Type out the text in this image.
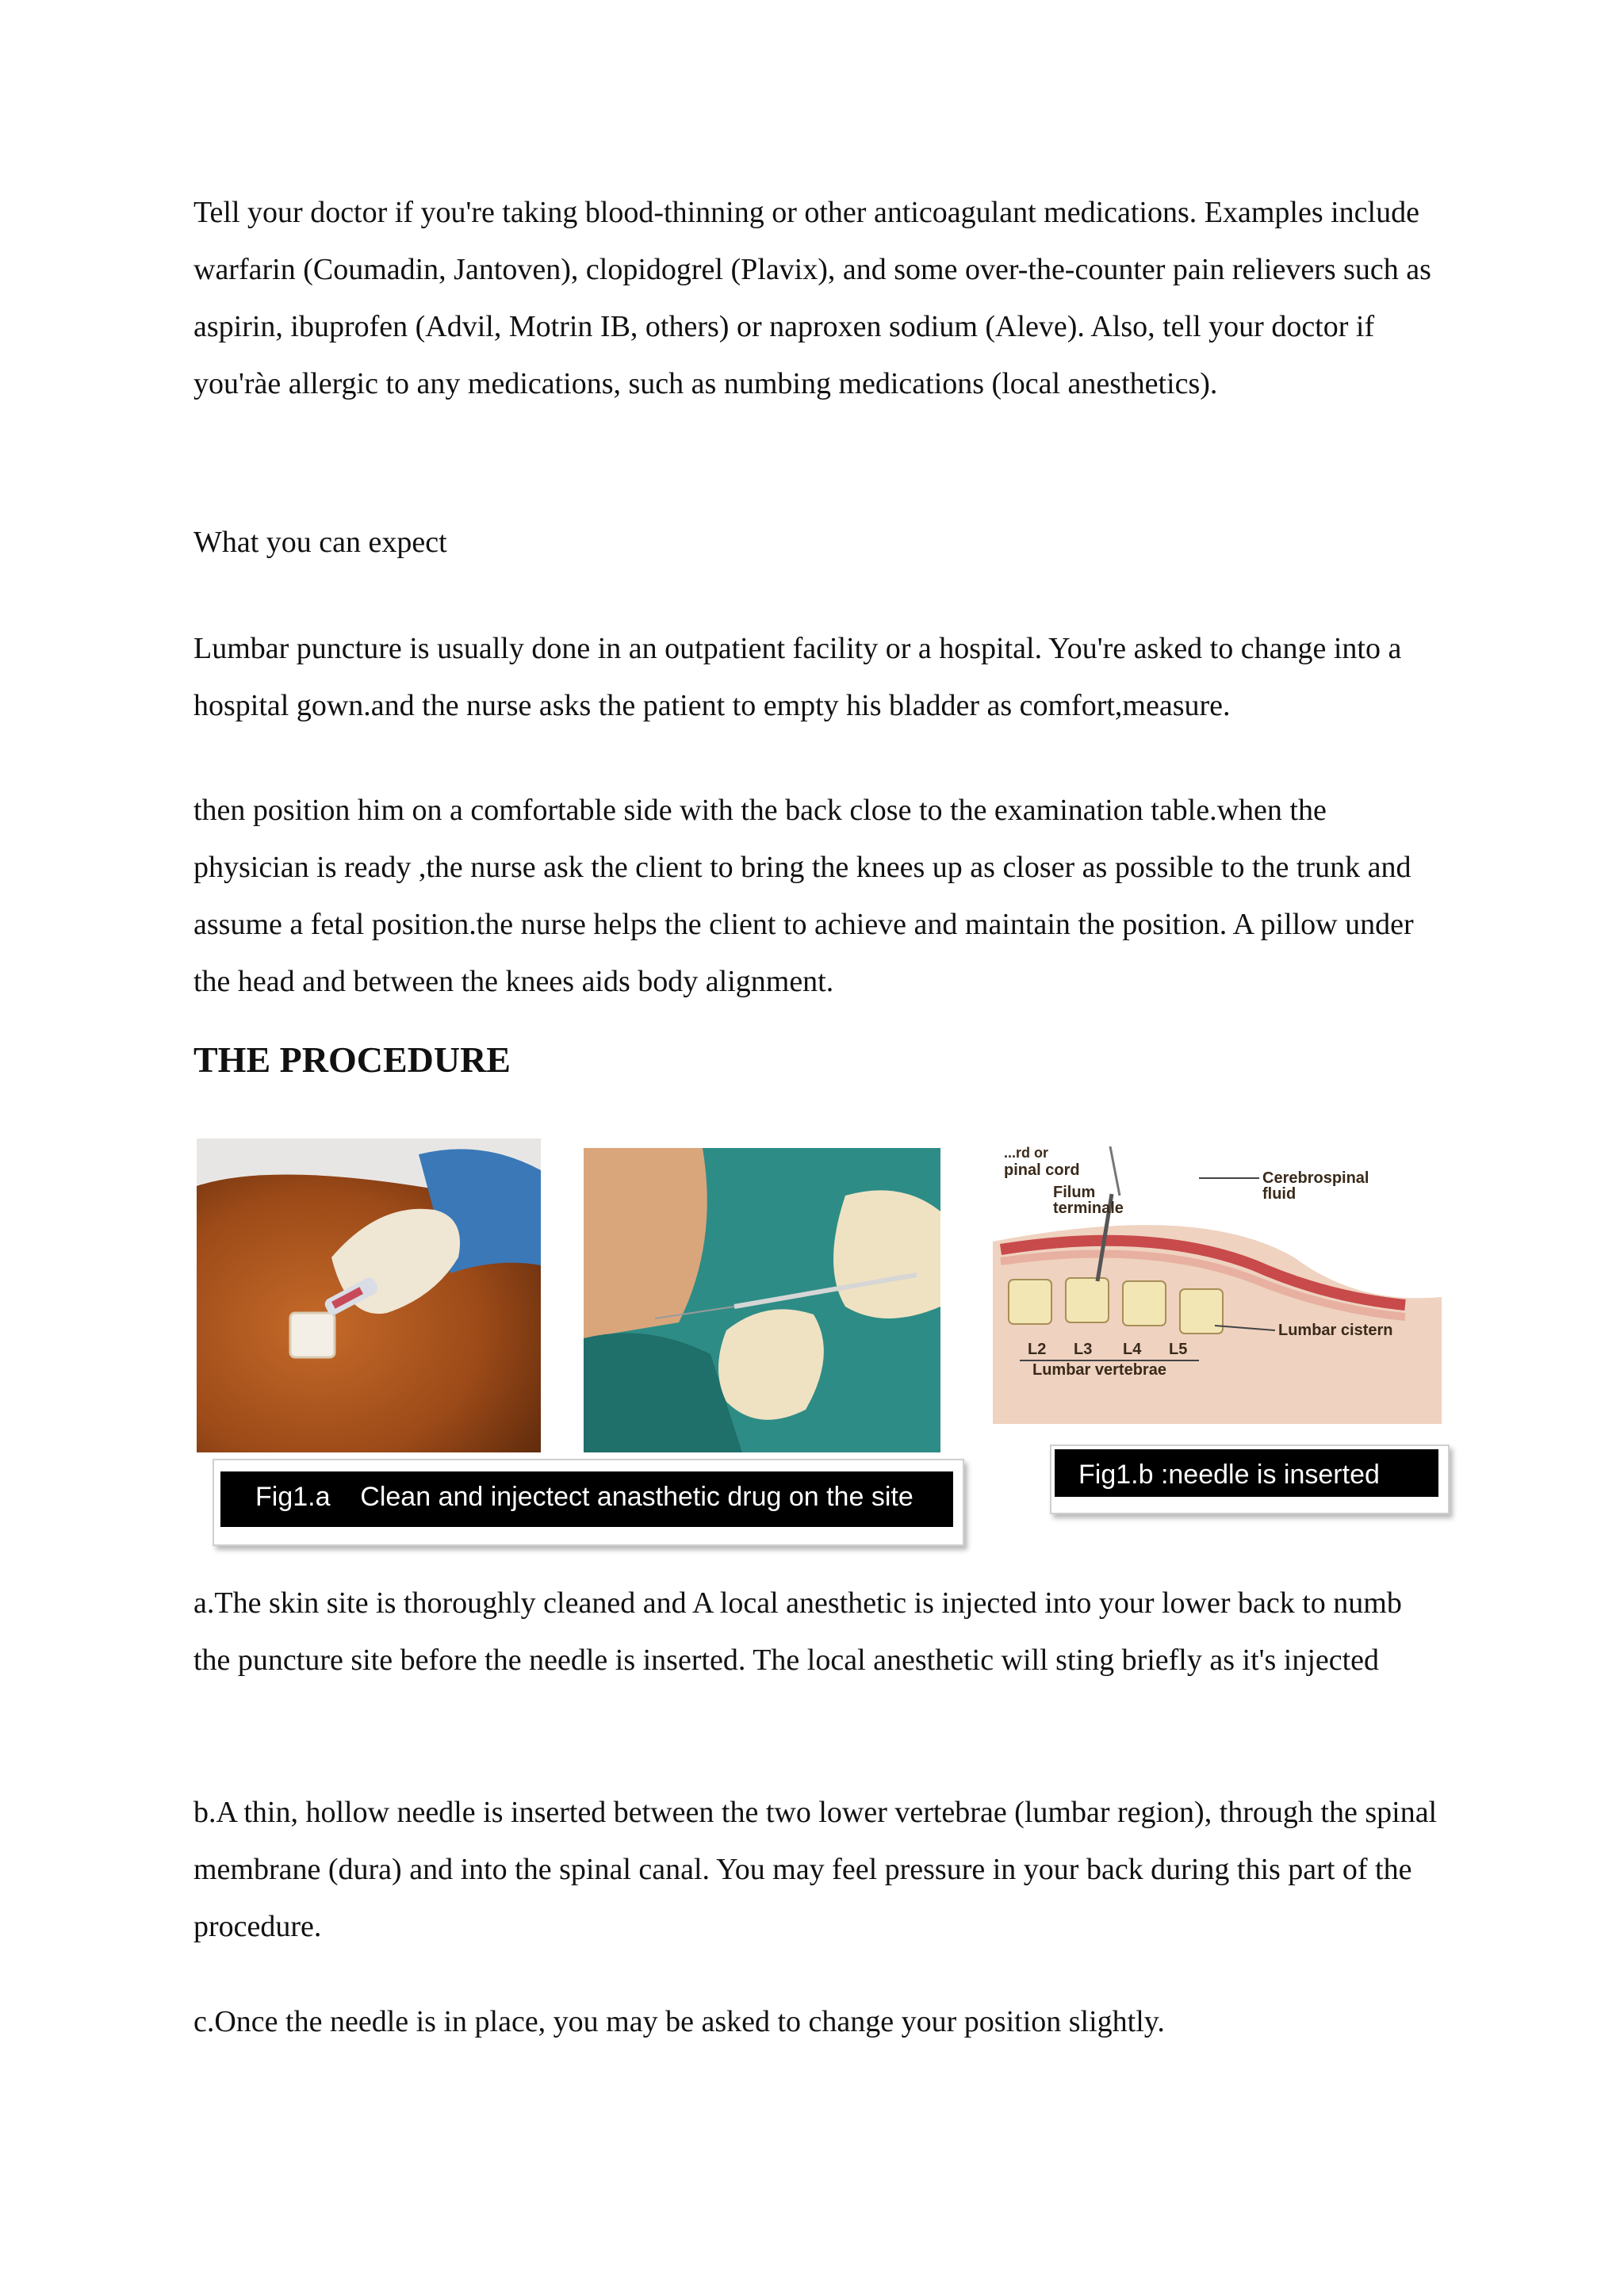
Tell your doctor if you're taking blood-thinning or other anticoagulant medications. Examples include warfarin (Coumadin, Jantoven), clopidogrel (Plavix), and some over-the-counter pain relievers such as aspirin, ibuprofen (Advil, Motrin IB, others) or naproxen sodium (Aleve). Also, tell your doctor if you'ràe allergic to any medications, such as numbing medications (local anesthetics).

What you can expect

Lumbar puncture is usually done in an outpatient facility or a hospital. You're asked to change into a hospital gown.and the nurse asks the patient to empty his bladder as comfort,measure.

then position him on a comfortable side with the back close to the examination table.when the physician is ready ,the nurse ask the client to bring the knees up as closer as possible to the trunk and assume a fetal position.the nurse helps the client to achieve and maintain the position. A pillow under the head and between the knees aids body alignment.

THE PROCEDURE
...rd or
pinal cord
Filum
terminale
Cerebrospinal
fluid
Lumbar cistern
L2 L3 L4 L5
Lumbar vertebrae
Fig1.a    Clean and injectect anasthetic drug on the site
Fig1.b :needle is inserted

a.The skin site is thoroughly cleaned and A local anesthetic is injected into your lower back to numb the puncture site before the needle is inserted. The local anesthetic will sting briefly as it's injected

b.A thin, hollow needle is inserted between the two lower vertebrae (lumbar region), through the spinal membrane (dura) and into the spinal canal. You may feel pressure in your back during this part of the procedure.

c.Once the needle is in place, you may be asked to change your position slightly.
